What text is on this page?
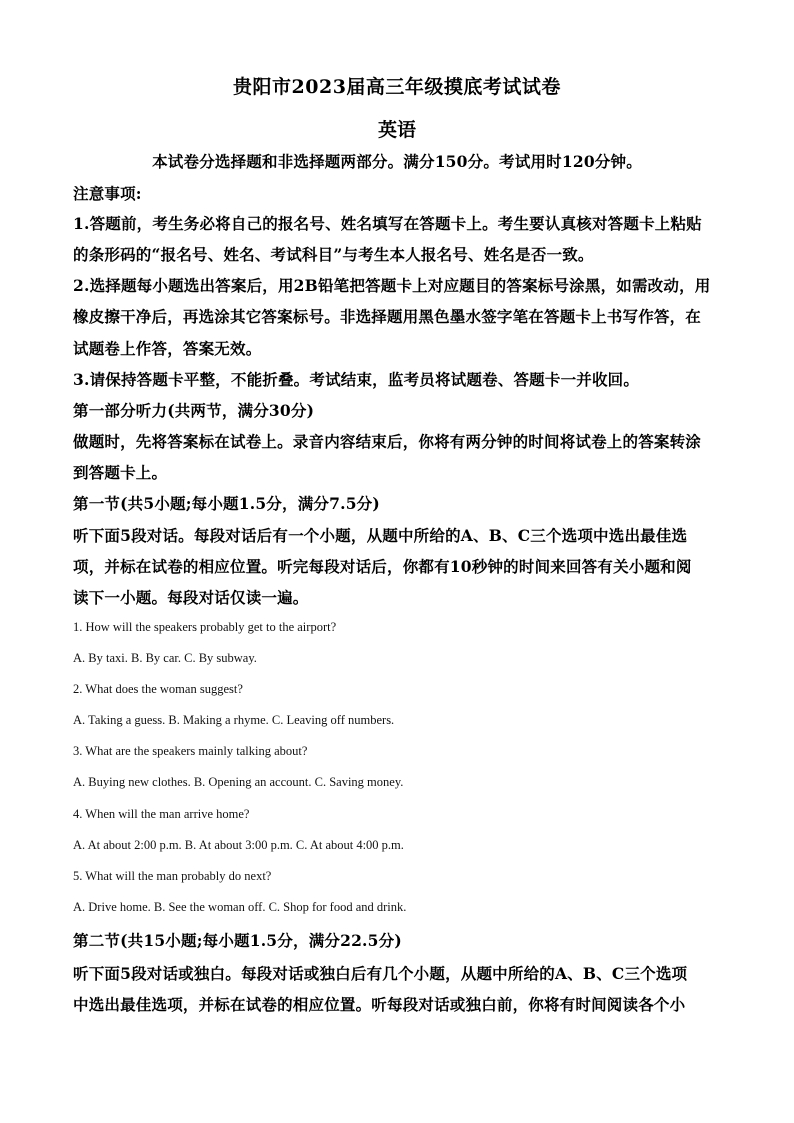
贵阳市2023届高三年级摸底考试试卷
英语
本试卷分选择题和非选择题两部分。满分150分。考试用时120分钟。
注意事项:
1.答题前，考生务必将自己的报名号、姓名填写在答题卡上。考生要认真核对答题卡上粘贴
的条形码的“报名号、姓名、考试科目”与考生本人报名号、姓名是否一致。
2.选择题每小题选出答案后，用2B铅笔把答题卡上对应题目的答案标号涂黑，如需改动，用
橡皮擦干净后，再选涂其它答案标号。非选择题用黑色墨水签字笔在答题卡上书写作答，在
试题卷上作答，答案无效。
3.请保持答题卡平整，不能折叠。考试结束，监考员将试题卷、答题卡一并收回。
第一部分听力(共两节，满分30分)
做题时，先将答案标在试卷上。录音内容结束后，你将有两分钟的时间将试卷上的答案转涂
到答题卡上。
第一节(共5小题;每小题1.5分，满分7.5分)
听下面5段对话。每段对话后有一个小题，从题中所给的A、B、C三个选项中选出最佳选
项，并标在试卷的相应位置。听完每段对话后，你都有10秒钟的时间来回答有关小题和阅
读下一小题。每段对话仅读一遍。
1. How will the speakers probably get to the airport?
A. By taxi. B. By car. C. By subway.
2. What does the woman suggest?
A. Taking a guess. B. Making a rhyme. C. Leaving off numbers.
3. What are the speakers mainly talking about?
A. Buying new clothes. B. Opening an account. C. Saving money.
4. When will the man arrive home?
A. At about 2:00 p.m. B. At about 3:00 p.m. C. At about 4:00 p.m.
5. What will the man probably do next?
A. Drive home. B. See the woman off. C. Shop for food and drink.
第二节(共15小题;每小题1.5分，满分22.5分)
听下面5段对话或独白。每段对话或独白后有几个小题，从题中所给的A、B、C三个选项
中选出最佳选项，并标在试卷的相应位置。听每段对话或独白前，你将有时间阅读各个小
